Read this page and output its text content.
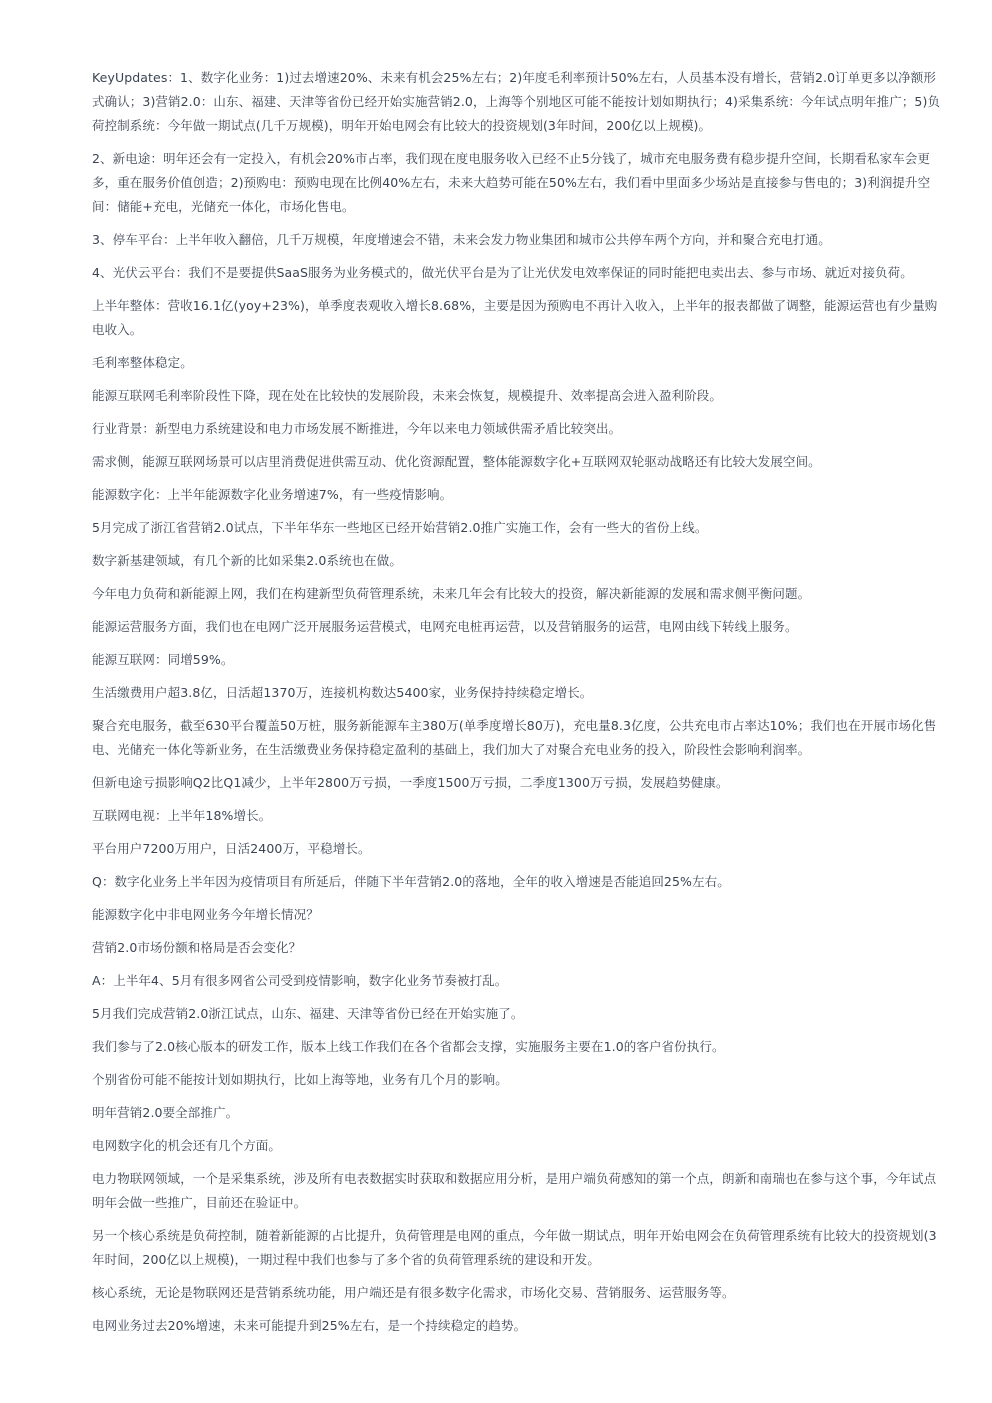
KeyUpdates：1、数字化业务：1)过去增速20%、未来有机会25%左右；2)年度毛利率预计50%左右，人员基本没有增长，营销2.0订单更多以净额形式确认；3)营销2.0：山东、福建、天津等省份已经开始实施营销2.0，上海等个别地区可能不能按计划如期执行；4)采集系统：今年试点明年推广；5)负荷控制系统：今年做一期试点(几千万规模)，明年开始电网会有比较大的投资规划(3年时间，200亿以上规模)。

2、新电途：明年还会有一定投入，有机会20%市占率，我们现在度电服务收入已经不止5分钱了，城市充电服务费有稳步提升空间，长期看私家车会更多，重在服务价值创造；2)预购电：预购电现在比例40%左右，未来大趋势可能在50%左右，我们看中里面多少场站是直接参与售电的；3)利润提升空间：储能+充电，光储充一体化，市场化售电。

3、停车平台：上半年收入翻倍，几千万规模，年度增速会不错，未来会发力物业集团和城市公共停车两个方向，并和聚合充电打通。

4、光伏云平台：我们不是要提供SaaS服务为业务模式的，做光伏平台是为了让光伏发电效率保证的同时能把电卖出去、参与市场、就近对接负荷。

上半年整体：营收16.1亿(yoy+23%)，单季度表观收入增长8.68%，主要是因为预购电不再计入收入，上半年的报表都做了调整，能源运营也有少量购电收入。

毛利率整体稳定。

能源互联网毛利率阶段性下降，现在处在比较快的发展阶段，未来会恢复，规模提升、效率提高会进入盈利阶段。

行业背景：新型电力系统建设和电力市场发展不断推进，今年以来电力领域供需矛盾比较突出。

需求侧，能源互联网场景可以店里消费促进供需互动、优化资源配置，整体能源数字化+互联网双轮驱动战略还有比较大发展空间。

能源数字化：上半年能源数字化业务增速7%，有一些疫情影响。

5月完成了浙江省营销2.0试点，下半年华东一些地区已经开始营销2.0推广实施工作，会有一些大的省份上线。

数字新基建领域，有几个新的比如采集2.0系统也在做。

今年电力负荷和新能源上网，我们在构建新型负荷管理系统，未来几年会有比较大的投资，解决新能源的发展和需求侧平衡问题。

能源运营服务方面，我们也在电网广泛开展服务运营模式，电网充电桩再运营，以及营销服务的运营，电网由线下转线上服务。

能源互联网：同增59%。

生活缴费用户超3.8亿，日活超1370万，连接机构数达5400家，业务保持持续稳定增长。

聚合充电服务，截至630平台覆盖50万桩，服务新能源车主380万(单季度增长80万)，充电量8.3亿度，公共充电市占率达10%；我们也在开展市场化售电、光储充一体化等新业务，在生活缴费业务保持稳定盈利的基础上，我们加大了对聚合充电业务的投入，阶段性会影响利润率。

但新电途亏损影响Q2比Q1减少，上半年2800万亏损，一季度1500万亏损，二季度1300万亏损，发展趋势健康。

互联网电视：上半年18%增长。

平台用户7200万用户，日活2400万，平稳增长。

Q：数字化业务上半年因为疫情项目有所延后，伴随下半年营销2.0的落地，全年的收入增速是否能追回25%左右。

能源数字化中非电网业务今年增长情况？

营销2.0市场份额和格局是否会变化？

A：上半年4、5月有很多网省公司受到疫情影响，数字化业务节奏被打乱。

5月我们完成营销2.0浙江试点，山东、福建、天津等省份已经在开始实施了。

我们参与了2.0核心版本的研发工作，版本上线工作我们在各个省都会支撑，实施服务主要在1.0的客户省份执行。

个别省份可能不能按计划如期执行，比如上海等地，业务有几个月的影响。

明年营销2.0要全部推广。

电网数字化的机会还有几个方面。

电力物联网领域，一个是采集系统，涉及所有电表数据实时获取和数据应用分析，是用户端负荷感知的第一个点，朗新和南瑞也在参与这个事，今年试点明年会做一些推广，目前还在验证中。

另一个核心系统是负荷控制，随着新能源的占比提升，负荷管理是电网的重点，今年做一期试点，明年开始电网会在负荷管理系统有比较大的投资规划(3年时间，200亿以上规模)，一期过程中我们也参与了多个省的负荷管理系统的建设和开发。

核心系统，无论是物联网还是营销系统功能，用户端还是有很多数字化需求，市场化交易、营销服务、运营服务等。

电网业务过去20%增速，未来可能提升到25%左右，是一个持续稳定的趋势。
